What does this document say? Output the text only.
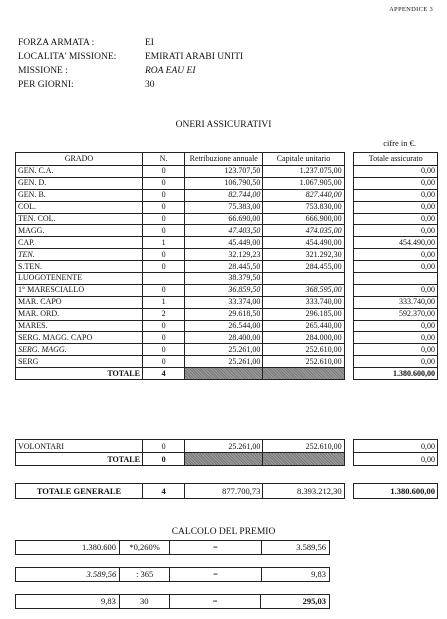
APPENDICE 3
FORZA ARMATA :	EI
LOCALITA' MISSIONE:	EMIRATI ARABI UNITI
MISSIONE :	ROA EAU EI
PER GIORNI:	30
ONERI ASSICURATIVI
cifre in €.
GRADO	N.	Retribuzione annuale	Capitale unitario		Totale assicurato
GEN. C.A.	0	123.707,50	1.237.075,00		0,00
GEN. D.	0	106.790,50	1.067.905,00		0,00
GEN. B.	0	82.744,00	827.440,00		0,00
COL.	0	75.383,00	753.830,00		0,00
TEN. COL.	0	66.690,00	666.900,00		0,00
MAGG.	0	47.403,50	474.035,00		0,00
CAP.	1	45.449,00	454.490,00		454.490,00
TEN.	0	32.129,23	321.292,30		0,00
S.TEN.	0	28.445,50	284.455,00		0,00
LUOGOTENENTE		38.379,50			
1° MARESCIALLO	0	36.859,50	368.595,00		0,00
MAR. CAPO	1	33.374,00	333.740,00		333.740,00
MAR. ORD.	2	29.618,50	296.185,00		592.370,00
MARES.	0	26.544,00	265.440,00		0,00
SERG. MAGG. CAPO	0	28.400,00	284.000,00		0,00
SERG. MAGG.	0	25.261,00	252.610,00		0,00
SERG	0	25.261,00	252.610,00		0,00
TOTALE	4				1.380.600,00
VOLONTARI	0	25.261,00	252.610,00		0,00
TOTALE	0				0,00
TOTALE GENERALE	4	877.700,73	8.393.212,30		1.380.600,00
CALCOLO DEL PREMIO
1.380.600	*0,260%	=	3.589,56
3.589,56	: 365	=	9,83
9,83	30	=	295,03
